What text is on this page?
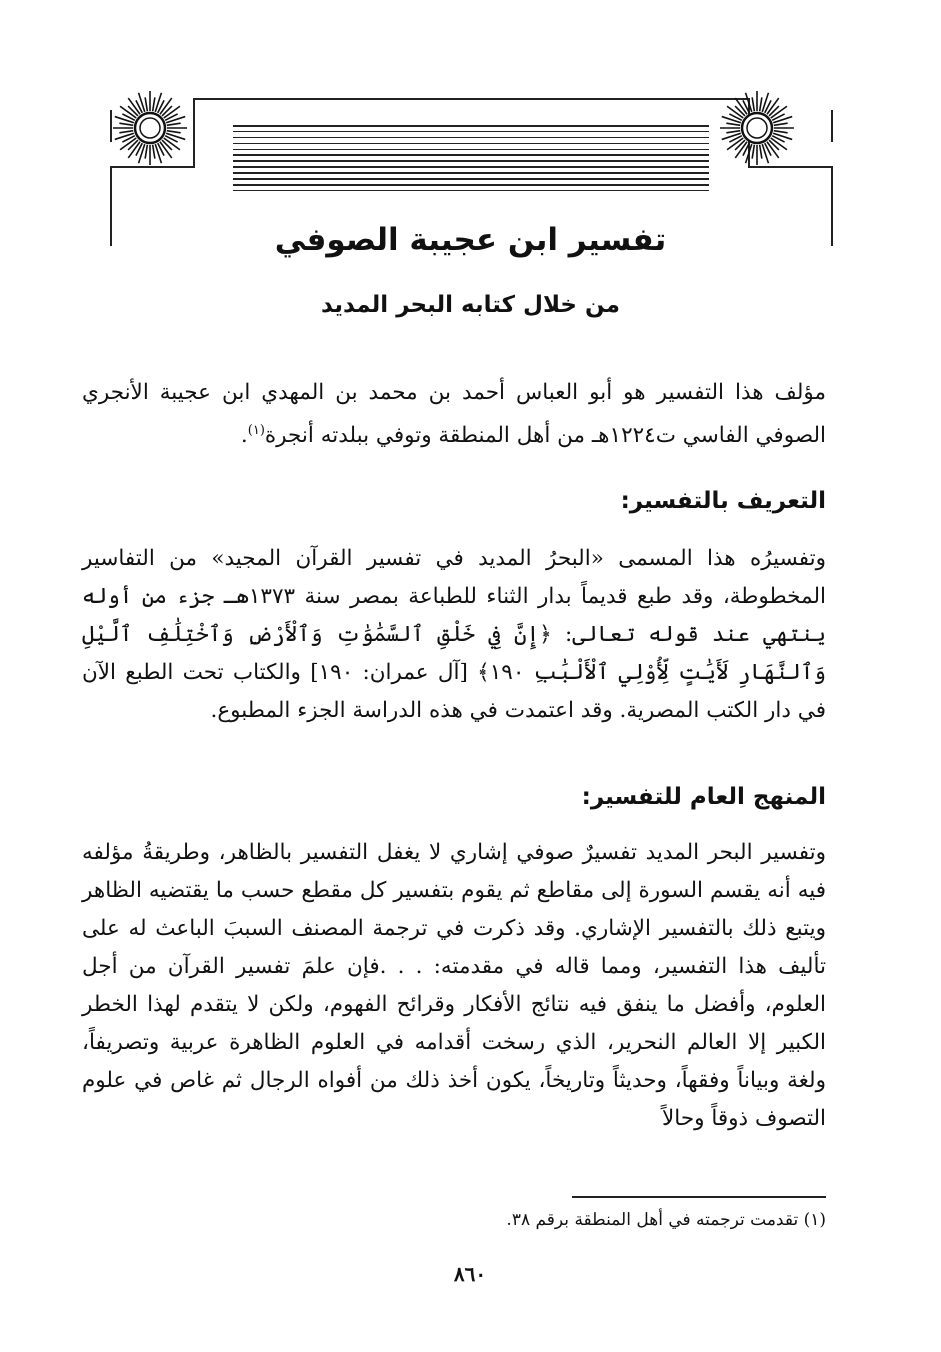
تفسير ابن عجيبة الصوفي
من خلال كتابه البحر المديد

مؤلف هذا التفسير هو أبو العباس أحمد بن محمد بن المهدي ابن عجيبة الأنجري الصوفي الفاسي ت١٢٢٤هـ من أهل المنطقة وتوفي ببلدته أنجرة$^{(١)}$.

التعريف بالتفسير:

وتفسيرُه هذا المسمى «البحرُ المديد في تفسير القرآن المجيد» من التفاسير المخطوطة، وقد طبع قديماً بدار الثناء للطباعة بمصر سنة ١٣٧٣هـ جزء من أوله ينتهي عند قوله تعالى: ﴿إِنَّ فِي خَلْقِ ٱلسَّمَٰوَٰتِ وَٱلْأَرْضِ وَٱخْتِلَٰفِ ٱلَّيْلِ وَٱلنَّهَارِ لَأَيَٰتٍ لِّأُوْلِي ٱلْأَلْبَٰبِ ١٩٠﴾ [آل عمران: ١٩٠] والكتاب تحت الطبع الآن في دار الكتب المصرية. وقد اعتمدت في هذه الدراسة الجزء المطبوع.

المنهج العام للتفسير:

وتفسير البحر المديد تفسيرٌ صوفي إشاري لا يغفل التفسير بالظاهر، وطريقةُ مؤلفه فيه أنه يقسم السورة إلى مقاطع ثم يقوم بتفسير كل مقطع حسب ما يقتضيه الظاهر ويتبع ذلك بالتفسير الإشاري. وقد ذكرت في ترجمة المصنف السببَ الباعث له على تأليف هذا التفسير، ومما قاله في مقدمته: . . .فإن علمَ تفسير القرآن من أجل العلوم، وأفضل ما ينفق فيه نتائج الأفكار وقرائح الفهوم، ولكن لا يتقدم لهذا الخطر الكبير إلا العالم النحرير، الذي رسخت أقدامه في العلوم الظاهرة عربية وتصريفاً، ولغة وبياناً وفقهاً، وحديثاً وتاريخاً، يكون أخذ ذلك من أفواه الرجال ثم غاص في علوم التصوف ذوقاً وحالاً

(١) تقدمت ترجمته في أهل المنطقة برقم ٣٨.
٨٦٠
